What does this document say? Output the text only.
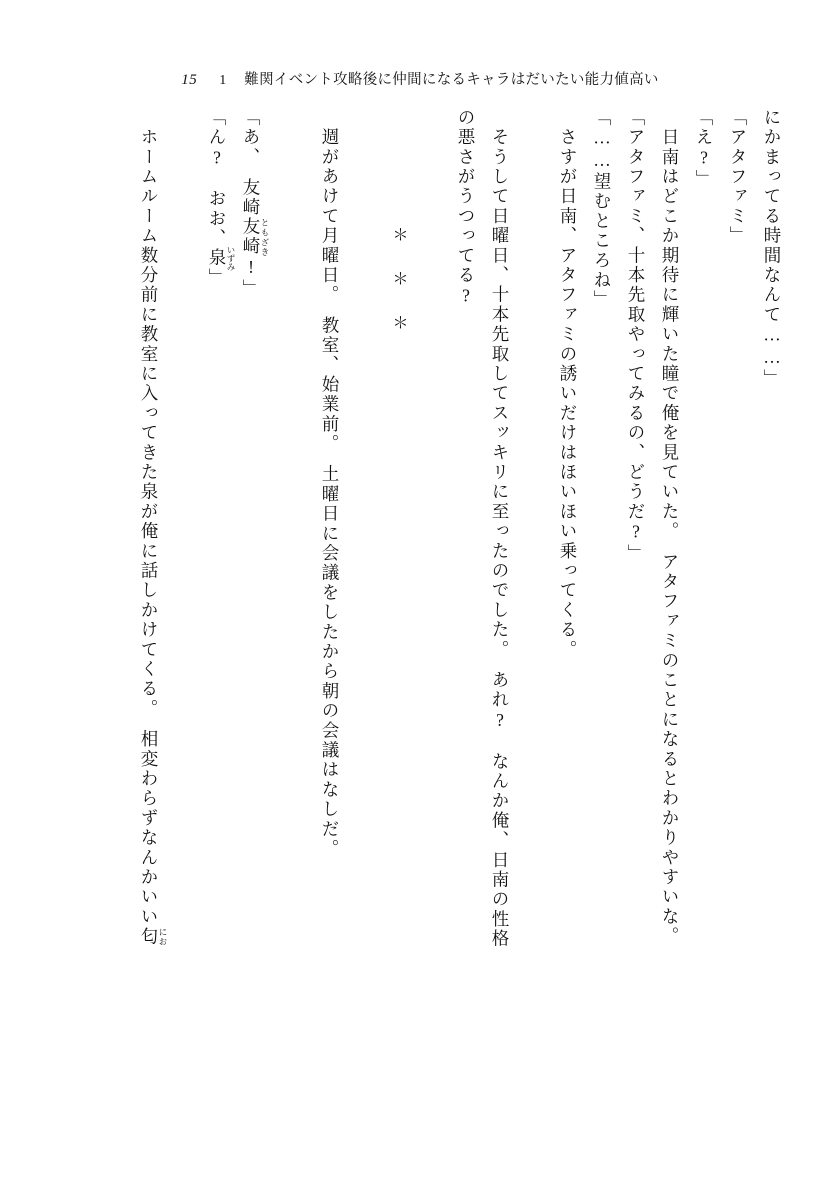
15 1 難関イベント攻略後に仲間になるキャラはだいたい能力値高い
にかまってる時間なんて……」
「アタファミ」
「え?」
　日南はどこか期待に輝いた瞳で俺を見ていた。　アタファミのことになるとわかりやすいな。
「アタファミ、十本先取やってみるの、どうだ?」
「……望むところね」
　さすが日南、アタファミの誘いだけはほいほい乗ってくる。
　そうして日曜日、十本先取してスッキリに至ったのでした。　あれ?　なんか俺、日南の性格
の悪さがうつってる?
＊　＊　＊
　週があけて月曜日。　教室、始業前。　土曜日に会議をしたから朝の会議はなしだ。
「あ、　友崎友崎 ともざき!」
「ん?　おお、泉 いずみ」
　ホームルーム数分前に教室に入ってきた泉が俺に話しかけてくる。　相変わらずなんかいい匂 にお
